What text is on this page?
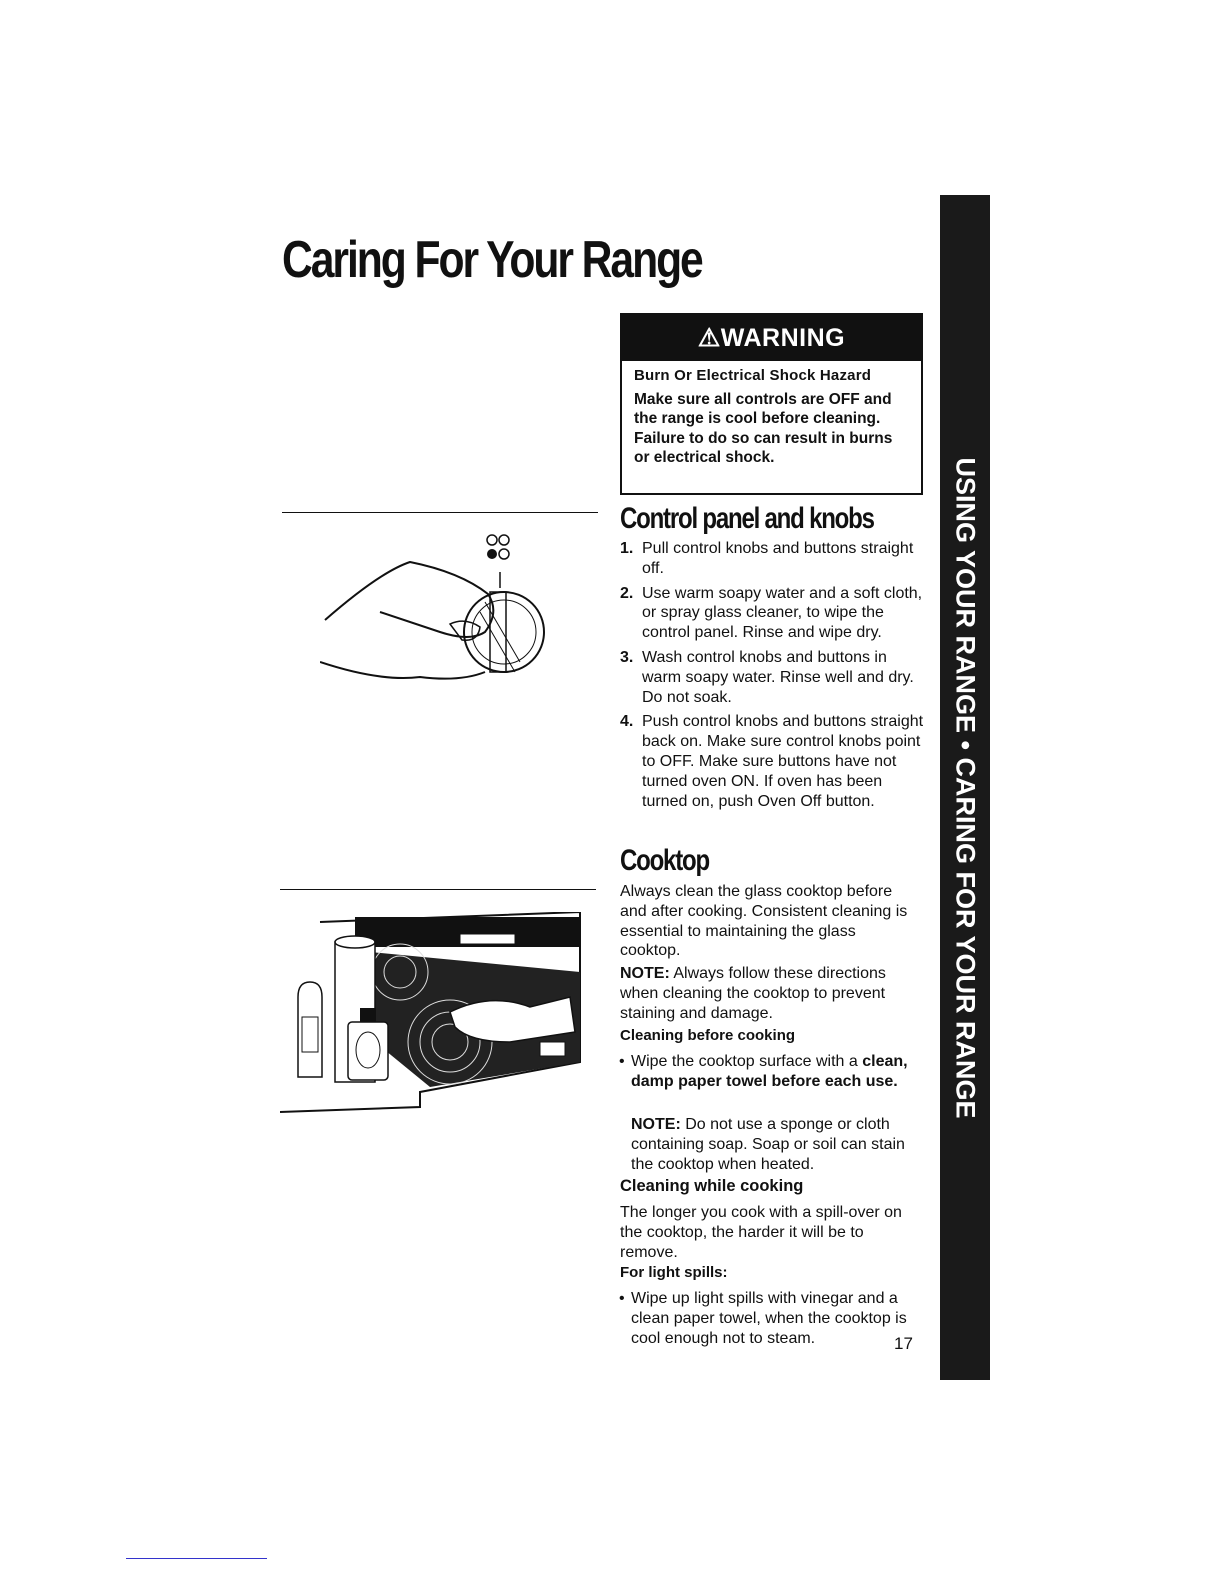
Caring For Your Range
⚠WARNING
Burn Or Electrical Shock Hazard
Make sure all controls are OFF and the range is cool before cleaning. Failure to do so can result in burns or electrical shock.
Control panel and knobs
1. Pull control knobs and buttons straight off.
2. Use warm soapy water and a soft cloth, or spray glass cleaner, to wipe the control panel. Rinse and wipe dry.
3. Wash control knobs and buttons in warm soapy water. Rinse well and dry. Do not soak.
4. Push control knobs and buttons straight back on. Make sure control knobs point to OFF. Make sure buttons have not turned oven ON. If oven has been turned on, push Oven Off button.
Cooktop

Always clean the glass cooktop before and after cooking. Consistent cleaning is essential to maintaining the glass cooktop.

NOTE: Always follow these directions when cleaning the cooktop to prevent staining and damage.

Cleaning before cooking

• Wipe the cooktop surface with a clean, damp paper towel before each use.

NOTE: Do not use a sponge or cloth containing soap. Soap or soil can stain the cooktop when heated.

Cleaning while cooking

The longer you cook with a spill-over on the cooktop, the harder it will be to remove.

For light spills:

• Wipe up light spills with vinegar and a clean paper towel, when the cooktop is cool enough not to steam.	17
USING YOUR RANGE • CARING FOR YOUR RANGE
